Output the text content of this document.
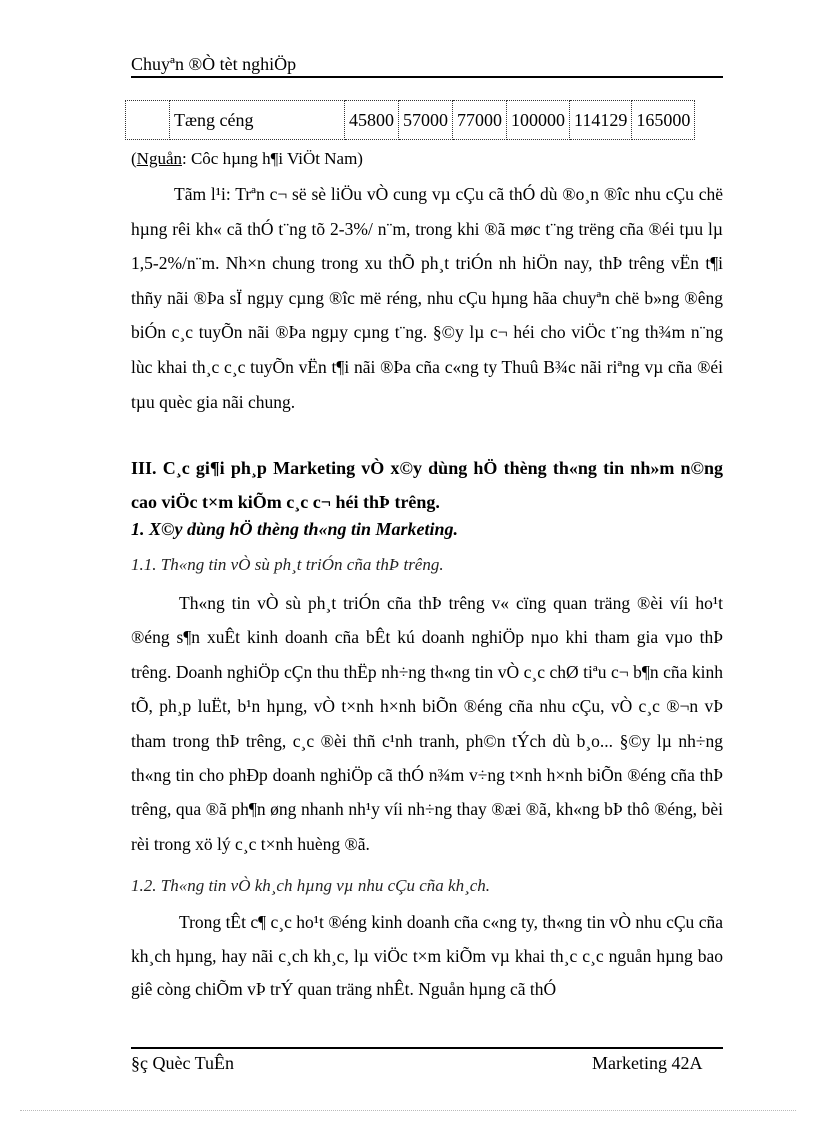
Chuyªn ®Ò tèt nghiÖp
	Tæng céng	45800	57000	77000	100000	114129	165000
(Nguån: Côc hµng h¶i ViÖt Nam)
Tãm l¹i: Trªn c¬ së sè liÖu vÒ cung vµ cÇu cã thÓ dù ®o¸n ®îc nhu cÇu chë hµng rêi kh« cã thÓ t¨ng tõ 2-3%/ n¨m, trong khi ®ã møc t¨ng trëng cña ®éi tµu lµ 1,5-2%/n¨m. Nh×n chung trong xu thÕ ph¸t triÓn nh hiÖn nay, thÞ trêng vËn t¶i thñy nãi ®Þa sÏ ngµy cµng ®îc më réng, nhu cÇu hµng hãa chuyªn chë b»ng ®êng biÓn c¸c tuyÕn nãi ®Þa ngµy cµng t¨ng. §©y lµ c¬ héi cho viÖc t¨ng th¾m n¨ng lùc khai th¸c c¸c tuyÕn vËn t¶i nãi ®Þa cña c«ng ty Thuû B¾c nãi riªng vµ cña ®éi tµu quèc gia nãi chung.
III. C¸c gi¶i ph¸p Marketing vÒ x©y dùng hÖ thèng th«ng tin nh»m n©ng cao viÖc t×m kiÕm c¸c c¬ héi thÞ trêng.
1. X©y dùng hÖ thèng th«ng tin Marketing.
1.1. Th«ng tin vÒ sù ph¸t triÓn cña thÞ trêng.
Th«ng tin vÒ sù ph¸t triÓn cña thÞ trêng v« cïng quan träng ®èi víi ho¹t ®éng s¶n xuÊt kinh doanh cña bÊt kú doanh nghiÖp nµo khi tham gia vµo thÞ trêng. Doanh nghiÖp cÇn thu thËp nh÷ng th«ng tin vÒ c¸c chØ tiªu c¬ b¶n cña kinh tÕ, ph¸p luËt, b¹n hµng, vÒ t×nh h×nh biÕn ®éng cña nhu cÇu, vÒ c¸c ®¬n vÞ tham trong thÞ trêng, c¸c ®èi thñ c¹nh tranh, ph©n tÝch dù b¸o... §©y lµ nh÷ng th«ng tin cho phÐp doanh nghiÖp cã thÓ n¾m v÷ng t×nh h×nh biÕn ®éng cña thÞ trêng, qua ®ã ph¶n øng nhanh nh¹y víi nh÷ng thay ®æi ®ã, kh«ng bÞ thô ®éng, bèi rèi trong xö lý c¸c t×nh huèng ®ã.
1.2. Th«ng tin vÒ kh¸ch hµng vµ nhu cÇu cña kh¸ch.
Trong tÊt c¶ c¸c ho¹t ®éng kinh doanh cña c«ng ty, th«ng tin vÒ nhu cÇu cña kh¸ch hµng, hay nãi c¸ch kh¸c, lµ viÖc t×m kiÕm vµ khai th¸c c¸c nguån hµng bao giê còng chiÕm vÞ trÝ quan träng nhÊt. Nguån hµng cã thÓ
§ç Quèc TuÊn	Marketing 42A
